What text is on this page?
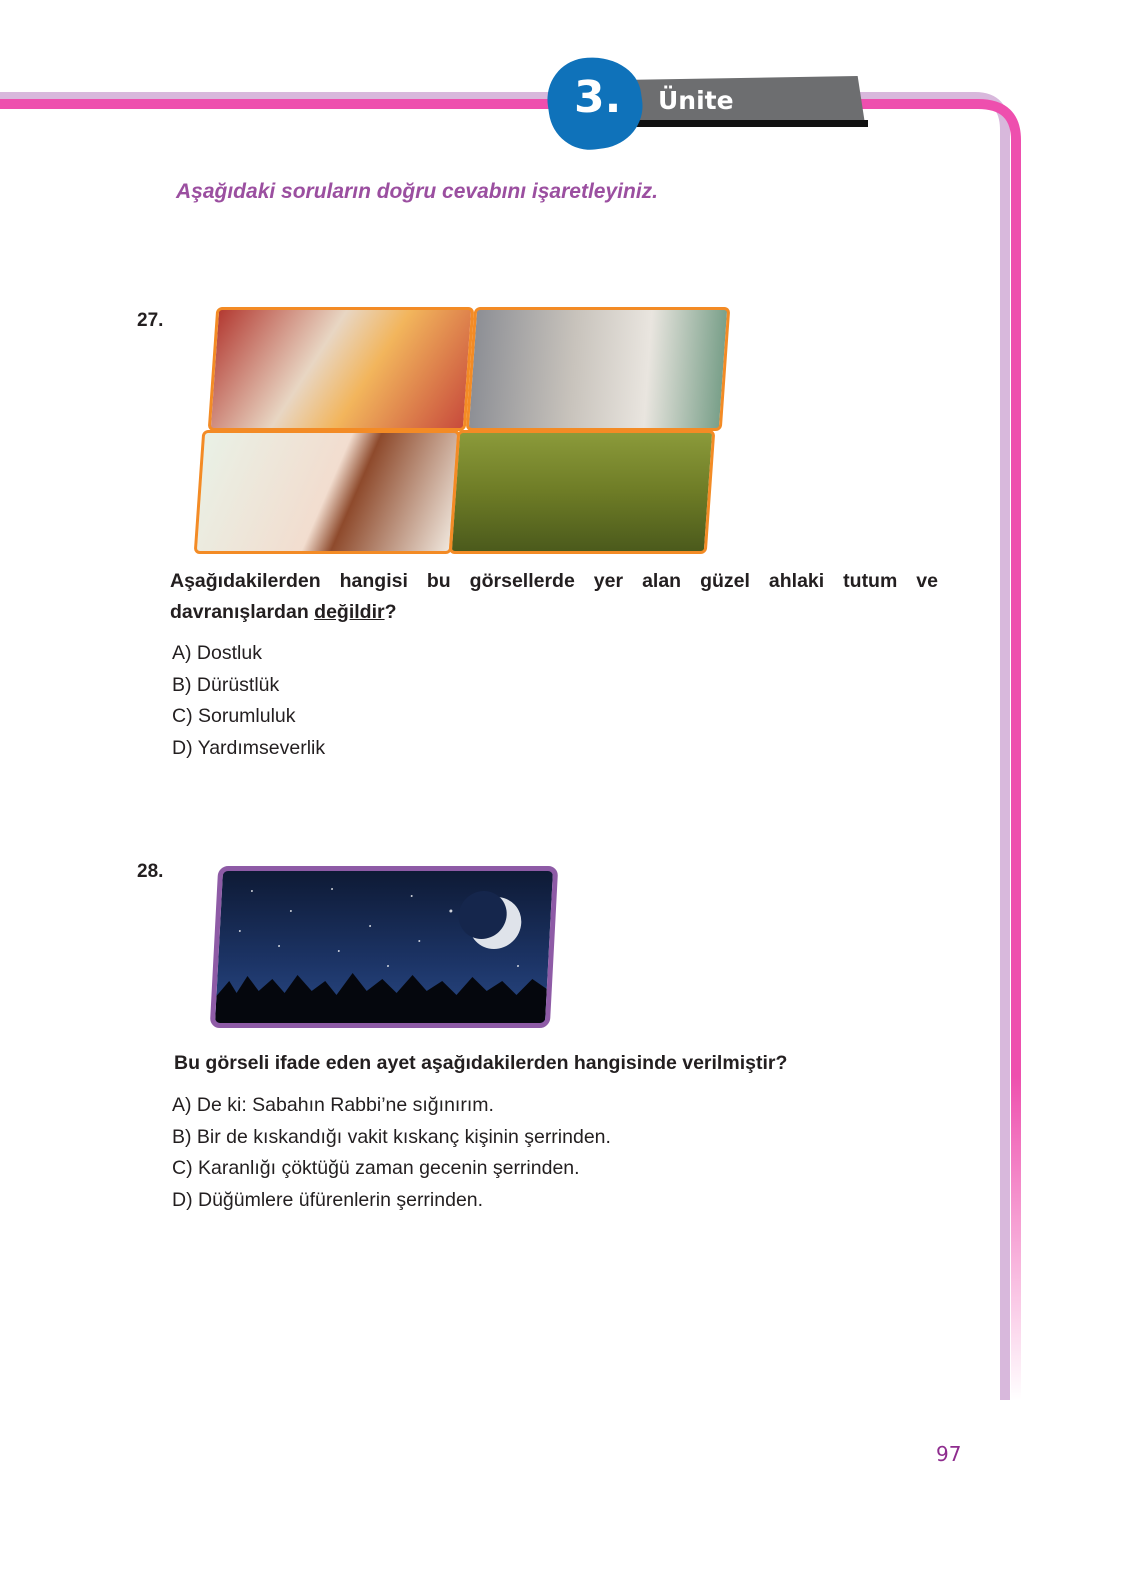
Ünite
3.
Aşağıdaki soruların doğru cevabını işaretleyiniz.
27.
Aşağıdakilerden hangisi bu görsellerde yer alan güzel ahlaki tutum ve davranışlardan değildir?
A) Dostluk
B) Dürüstlük
C) Sorumluluk
D) Yardımseverlik
28.
Bu görseli ifade eden ayet aşağıdakilerden hangisinde verilmiştir?
A) De ki: Sabahın Rabbi’ne sığınırım.
B) Bir de kıskandığı vakit kıskanç kişinin şerrinden.
C) Karanlığı çöktüğü zaman gecenin şerrinden.
D) Düğümlere üfürenlerin şerrinden.
97
